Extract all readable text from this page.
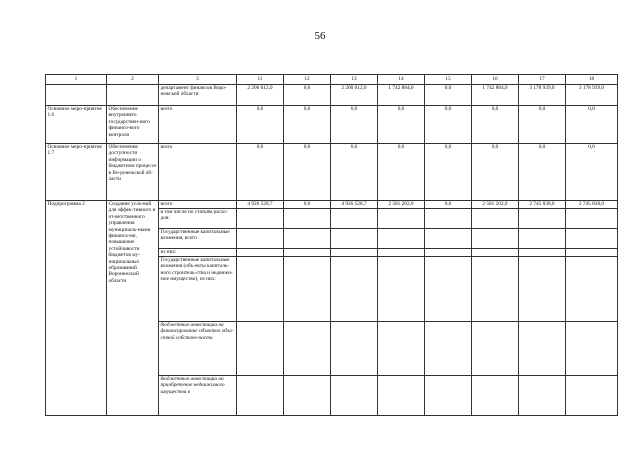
56
1	2	3	11	12	13	14	15	16	17	18
		департамент финансов Воро-нежской области	2 200 012,0	0,0	2 200 012,0	1 742 884,0	0,0	1 742 884,0	3 178 939,0	3 178 939,0
Основное меро-приятие 1.6	Обеспечение внутреннего государствен-ного финансо-вого контроля	всего	0,0	0,0	0,0	0,0	0,0	0,0	0,0	0,0
Основное меро-приятие 1.7	Обеспечение доступности информации о бюджетном процессе в Во-ронежской об-ласти	всего	0,0	0,0	0,0	0,0	0,0	0,0	0,0	0,0
Подпрограмма 2	Создание усло-вий для эффек-тивного и от-ветственного управления муниципаль-ными финанса-ми, повышение устойчивости бюджетов му-ниципальных образований Воронежской области	всего	4 926 528,7	0,0	4 926 528,7	2 581 202,0	0,0	2 581 202,0	2 745 838,0	2 745 838,0
		в том числе по статьям расхо-дов:								
		Государственные капитальные вложения, всего								
		из них:								
		Государственные капитальные вложения (объ-екты капиталь-ного строитель-ства и недвижи-мое имущество), из них:								
		бюджетные инвестиции на финансирование объектов обла-стной собствен-ности								
		бюджетные инвестиции на приобретение недвижимого имущества в								
